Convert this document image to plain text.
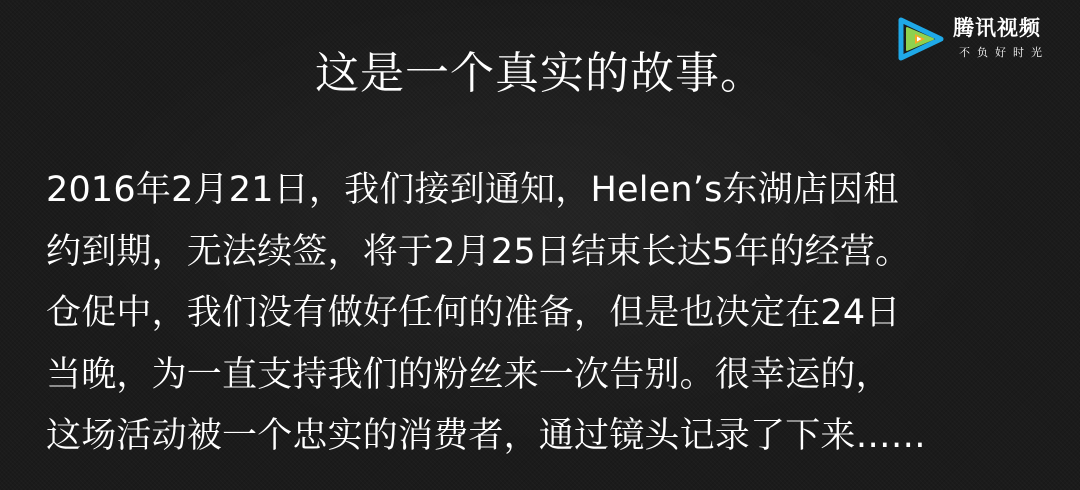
这是一个真实的故事。
2016年2月21日，我们接到通知，Helen’s东湖店因租
约到期，无法续签，将于2月25日结束长达5年的经营。
仓促中，我们没有做好任何的准备，但是也决定在24日
当晚，为一直支持我们的粉丝来一次告别。很幸运的，
这场活动被一个忠实的消费者，通过镜头记录了下来……
腾讯视频
不负好时光
